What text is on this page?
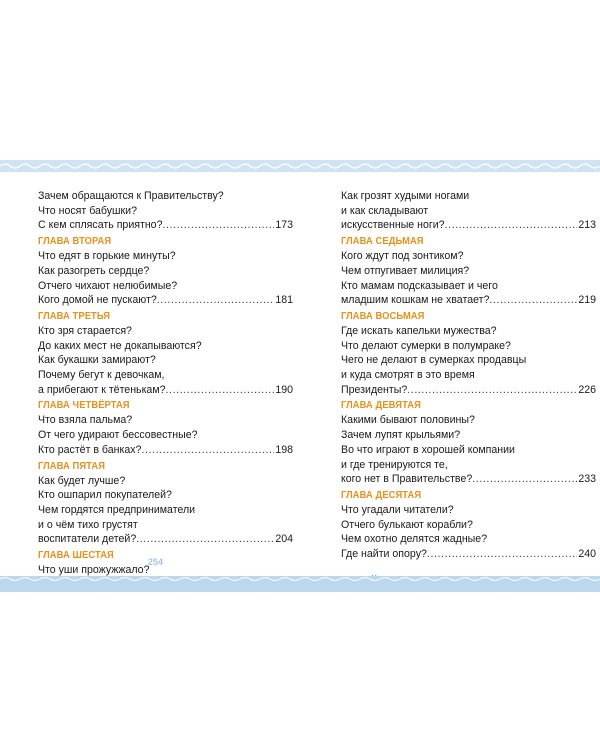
Зачем обращаются к Правительству?
Что носят бабушки?
С кем сплясать приятно? .....	173
ГЛАВА ВТОРАЯ
Что едят в горькие минуты?
Как разогреть сердце?
Отчего чихают нелюбимые?
Кого домой не пускают? .....	181
ГЛАВА ТРЕТЬЯ
Кто зря старается?
До каких мест не докапываются?
Как букашки замирают?
Почему бегут к девочкам,
а прибегают к тётенькам? .....	190
ГЛАВА ЧЕТВЁРТАЯ
Что взяла пальма?
От чего удирают бессовестные?
Кто растёт в банках? .....	198
ГЛАВА ПЯТАЯ
Как будет лучше?
Кто ошпарил покупателей?
Чем гордятся предприниматели
и о чём тихо грустят
воспитатели детей? .....	204
ГЛАВА ШЕСТАЯ
Что уши прожужжало?
Как грозят худыми ногами
и как складывают
искусственные ноги? .....	213
ГЛАВА СЕДЬМАЯ
Кого ждут под зонтиком?
Чем отпугивает милиция?
Кто мамам подсказывает и чего
младшим кошкам не хватает? .....	219
ГЛАВА ВОСЬМАЯ
Где искать капельки мужества?
Что делают сумерки в полумраке?
Чего не делают в сумерках продавцы
и куда смотрят в это время
Президенты? .....	226
ГЛАВА ДЕВЯТАЯ
Какими бывают половины?
Зачем лупят крыльями?
Во что играют в хорошей компании
и где тренируются те,
кого нет в Правительстве? .....	233
ГЛАВА ДЕСЯТАЯ
Что угадали читатели?
Отчего булькают корабли?
Чем охотно делятся жадные?
Где найти опору? .....	240
.....
254
